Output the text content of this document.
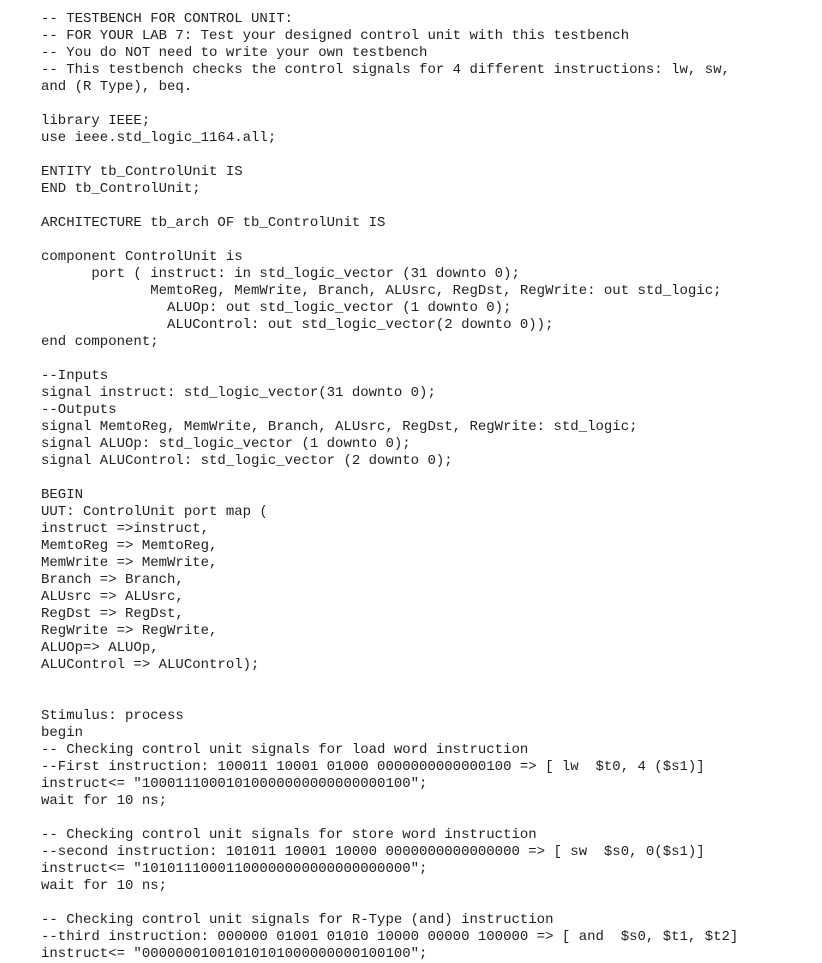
-- TESTBENCH FOR CONTROL UNIT:
-- FOR YOUR LAB 7: Test your designed control unit with this testbench
-- You do NOT need to write your own testbench
-- This testbench checks the control signals for 4 different instructions: lw, sw,
and (R Type), beq.
library IEEE;
use ieee.std_logic_1164.all;
ENTITY tb_ControlUnit IS
END tb_ControlUnit;
ARCHITECTURE tb_arch OF tb_ControlUnit IS
component ControlUnit is
port ( instruct: in std_logic_vector (31 downto 0);
MemtoReg, MemWrite, Branch, ALUsrc, RegDst, RegWrite: out std_logic;
ALUOp: out std_logic_vector (1 downto 0);
ALUControl: out std_logic_vector(2 downto 0));
end component;
--Inputs
signal instruct: std_logic_vector(31 downto 0);
--Outputs
signal MemtoReg, MemWrite, Branch, ALUsrc, RegDst, RegWrite: std_logic;
signal ALUOp: std_logic_vector (1 downto 0);
signal ALUControl: std_logic_vector (2 downto 0);
BEGIN
UUT: ControlUnit port map (
instruct =>instruct,
MemtoReg => MemtoReg,
MemWrite => MemWrite,
Branch => Branch,
ALUsrc => ALUsrc,
RegDst => RegDst,
RegWrite => RegWrite,
ALUOp=> ALUOp,
ALUControl => ALUControl);
Stimulus: process
begin
-- Checking control unit signals for load word instruction
--First instruction: 100011 10001 01000 0000000000000100 => [ lw  $t0, 4 ($s1)]
instruct<= "10001110001010000000000000000100";
wait for 10 ns;
-- Checking control unit signals for store word instruction
--second instruction: 101011 10001 10000 0000000000000000 => [ sw  $s0, 0($s1)]
instruct<= "10101110001100000000000000000000";
wait for 10 ns;
-- Checking control unit signals for R-Type (and) instruction
--third instruction: 000000 01001 01010 10000 00000 100000 => [ and  $s0, $t1, $t2]
instruct<= "00000001001010101000000000100100";
